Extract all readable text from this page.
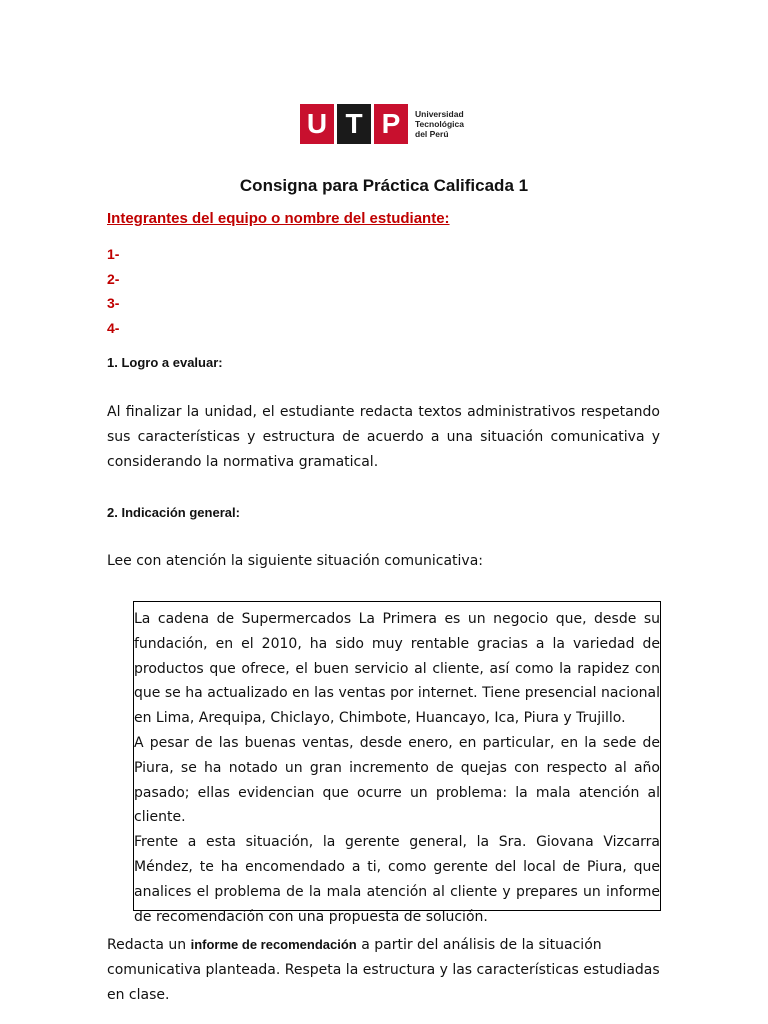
U T P	Universidad
Tecnológica
del Perú
Consigna para Práctica Calificada 1
Integrantes del equipo o nombre del estudiante:
1-
2-
3-
4-
1. Logro a evaluar:

Al finalizar la unidad, el estudiante redacta textos administrativos respetando sus características y estructura de acuerdo a una situación comunicativa y considerando la normativa gramatical.

2. Indicación general:

Lee con atención la siguiente situación comunicativa:

La cadena de Supermercados La Primera es un negocio que, desde su fundación, en el 2010, ha sido muy rentable gracias a la variedad de productos que ofrece, el buen servicio al cliente, así como la rapidez con que se ha actualizado en las ventas por internet. Tiene presencial nacional en Lima, Arequipa, Chiclayo, Chimbote, Huancayo, Ica, Piura y Trujillo.

A pesar de las buenas ventas, desde enero, en particular, en la sede de Piura, se ha notado un gran incremento de quejas con respecto al año pasado; ellas evidencian que ocurre un problema: la mala atención al cliente.

Frente a esta situación, la gerente general, la Sra. Giovana Vizcarra Méndez, te ha encomendado a ti, como gerente del local de Piura, que analices el problema de la mala atención al cliente y prepares un informe de recomendación con una propuesta de solución.

Redacta un informe de recomendación a partir del análisis de la situación comunicativa planteada. Respeta la estructura y las características estudiadas en clase.
